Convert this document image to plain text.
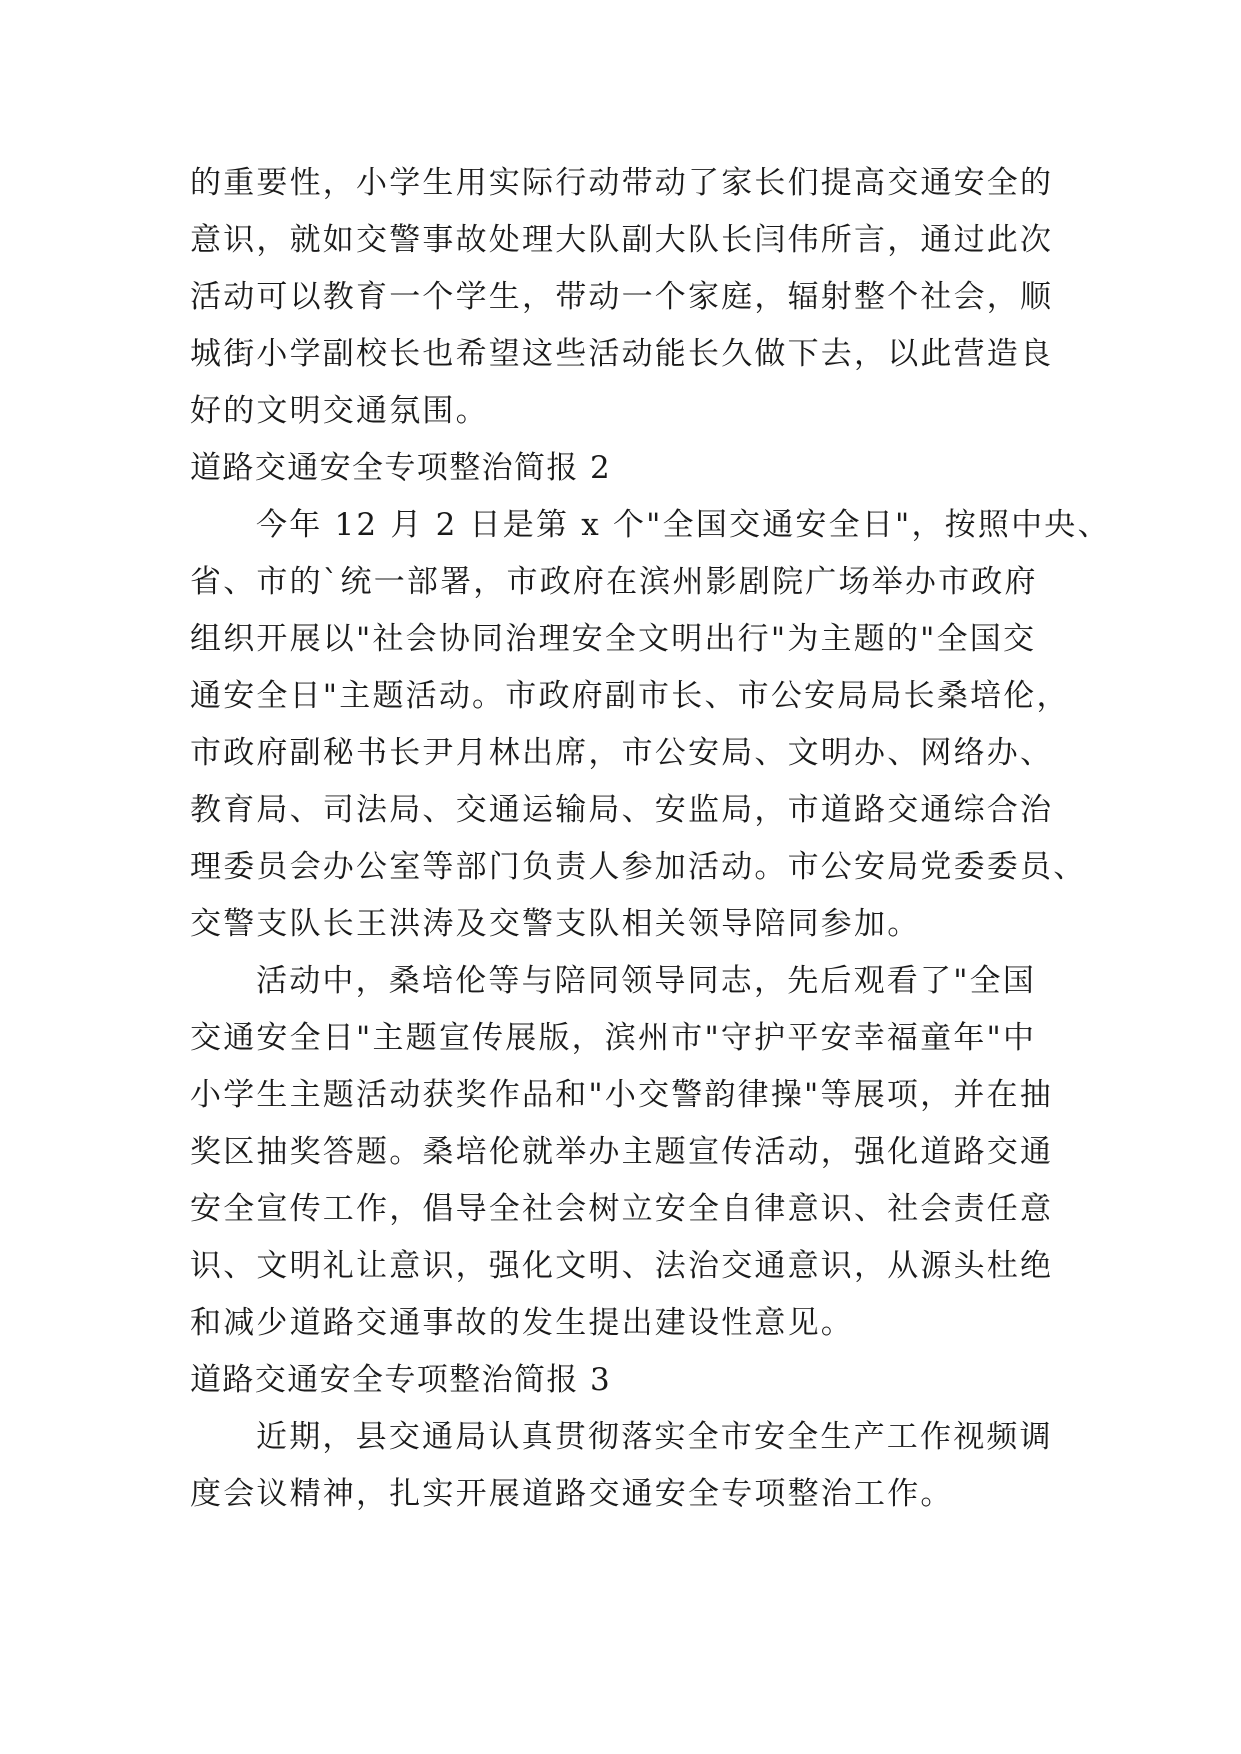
的重要性，小学生用实际行动带动了家长们提高交通安全的
意识，就如交警事故处理大队副大队长闫伟所言，通过此次
活动可以教育一个学生，带动一个家庭，辐射整个社会，顺
城街小学副校长也希望这些活动能长久做下去，以此营造良
好的文明交通氛围。
道路交通安全专项整治简报 2
今年 12 月 2 日是第 x 个"全国交通安全日"，按照中央、
省、市的`统一部署，市政府在滨州影剧院广场举办市政府
组织开展以"社会协同治理安全文明出行"为主题的"全国交
通安全日"主题活动。市政府副市长、市公安局局长桑培伦，
市政府副秘书长尹月林出席，市公安局、文明办、网络办、
教育局、司法局、交通运输局、安监局，市道路交通综合治
理委员会办公室等部门负责人参加活动。市公安局党委委员、
交警支队长王洪涛及交警支队相关领导陪同参加。
活动中，桑培伦等与陪同领导同志，先后观看了"全国
交通安全日"主题宣传展版，滨州市"守护平安幸福童年"中
小学生主题活动获奖作品和"小交警韵律操"等展项，并在抽
奖区抽奖答题。桑培伦就举办主题宣传活动，强化道路交通
安全宣传工作，倡导全社会树立安全自律意识、社会责任意
识、文明礼让意识，强化文明、法治交通意识，从源头杜绝
和减少道路交通事故的发生提出建设性意见。
道路交通安全专项整治简报 3
近期，县交通局认真贯彻落实全市安全生产工作视频调
度会议精神，扎实开展道路交通安全专项整治工作。
